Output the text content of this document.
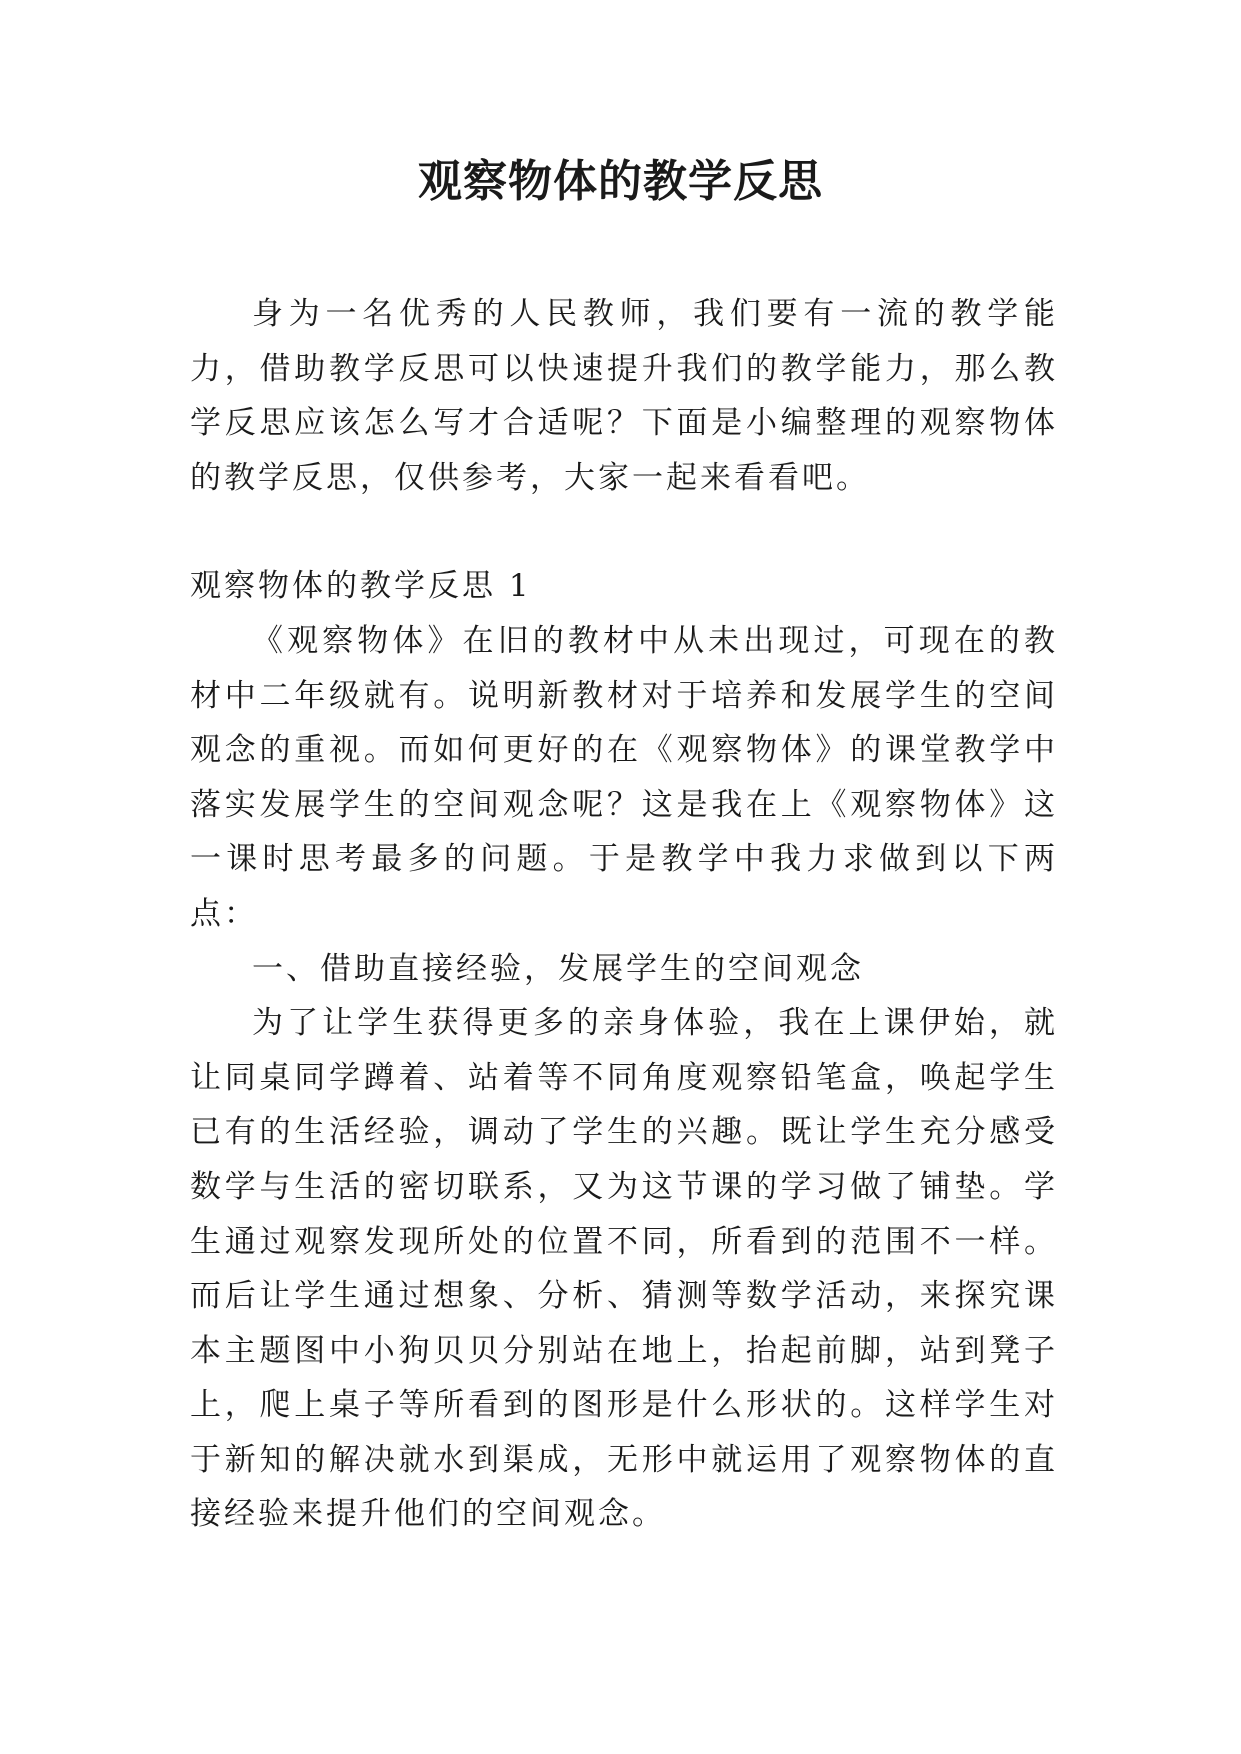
观察物体的教学反思

身为一名优秀的人民教师，我们要有一流的教学能力，借助教学反思可以快速提升我们的教学能力，那么教学反思应该怎么写才合适呢？下面是小编整理的观察物体的教学反思，仅供参考，大家一起来看看吧。

观察物体的教学反思 1

《观察物体》在旧的教材中从未出现过，可现在的教材中二年级就有。说明新教材对于培养和发展学生的空间观念的重视。而如何更好的在《观察物体》的课堂教学中落实发展学生的空间观念呢？这是我在上《观察物体》这一课时思考最多的问题。于是教学中我力求做到以下两点：

一、借助直接经验，发展学生的空间观念

为了让学生获得更多的亲身体验，我在上课伊始，就让同桌同学蹲着、站着等不同角度观察铅笔盒，唤起学生已有的生活经验，调动了学生的兴趣。既让学生充分感受数学与生活的密切联系，又为这节课的学习做了铺垫。学生通过观察发现所处的位置不同，所看到的范围不一样。而后让学生通过想象、分析、猜测等数学活动，来探究课本主题图中小狗贝贝分别站在地上，抬起前脚，站到凳子上，爬上桌子等所看到的图形是什么形状的。这样学生对于新知的解决就水到渠成，无形中就运用了观察物体的直接经验来提升他们的空间观念。
